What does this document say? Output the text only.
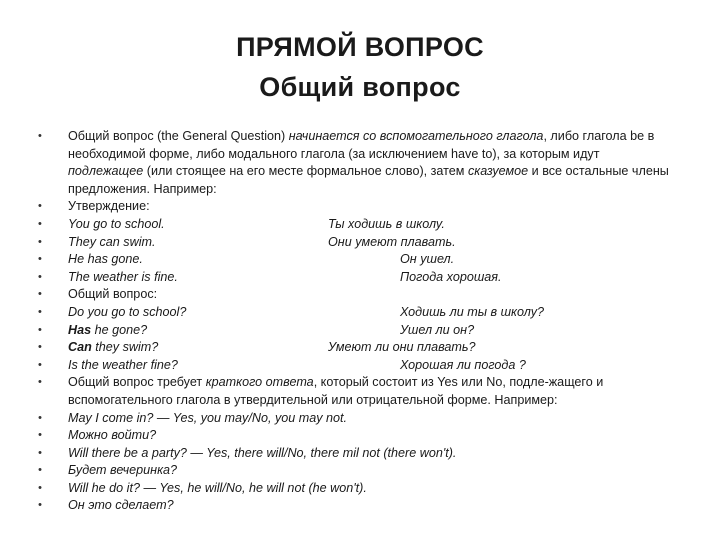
ПРЯМОЙ ВОПРОС
Общий вопрос
• Общий вопрос (the General Question) начинается со вспомогательного глагола, либо глагола be в необходимой форме, либо модального глагола (за исключением have to), за которым идут подлежащее (или стоящее на его месте формальное слово), затем сказуемое и все остальные члены предложения. Например:
• Утверждение:
• You go to school.	Ты ходишь в школу.
• They can swim.	Они умеют плавать.
• He has gone.	Он ушел.
• The weather is fine.	Погода хорошая.
• Общий вопрос:
• Do you go to school?	Ходишь ли ты в школу?
• Has he gone?	Ушел ли он?
• Can they swim?	Умеют ли они плавать?
• Is the weather fine?	Хорошая ли погода ?
• Общий вопрос требует краткого ответа, который состоит из Yes или No, подле-жащего и вспомогательного глагола в утвердительной или отрицательной форме. Например:
• May I come in? — Yes, you may/No, you may not.
• Можно войти?
• Will there be a party? — Yes, there will/No, there mil not (there won't).
• Будет вечеринка?
• Will he do it? — Yes, he will/No, he will not (he won't).
• Он это сделает?
